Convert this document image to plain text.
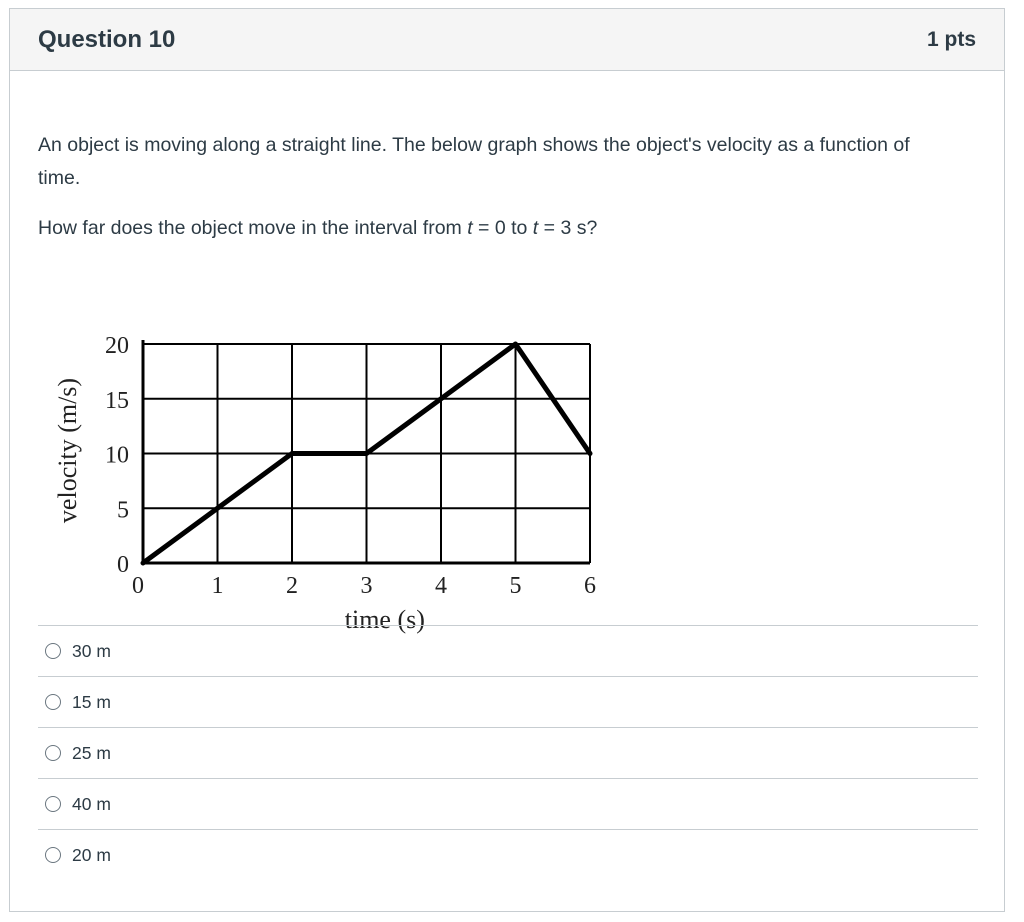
Question 10	1 pts

An object is moving along a straight line. The below graph shows the object's velocity as a function of time.

How far does the object move in the interval from t = 0 to t = 3 s?

0	1	2	3	4	5	6
0
5
10
15
20
time (s)
velocity (m/s)
30 m
15 m
25 m
40 m
20 m
